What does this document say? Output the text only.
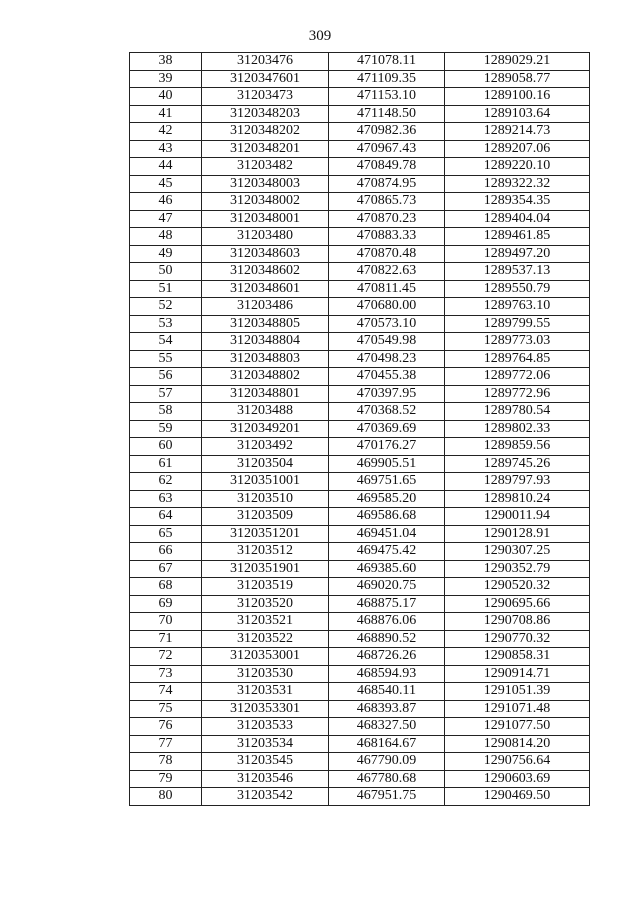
309
38	31203476	471078.11	1289029.21
39	3120347601	471109.35	1289058.77
40	31203473	471153.10	1289100.16
41	3120348203	471148.50	1289103.64
42	3120348202	470982.36	1289214.73
43	3120348201	470967.43	1289207.06
44	31203482	470849.78	1289220.10
45	3120348003	470874.95	1289322.32
46	3120348002	470865.73	1289354.35
47	3120348001	470870.23	1289404.04
48	31203480	470883.33	1289461.85
49	3120348603	470870.48	1289497.20
50	3120348602	470822.63	1289537.13
51	3120348601	470811.45	1289550.79
52	31203486	470680.00	1289763.10
53	3120348805	470573.10	1289799.55
54	3120348804	470549.98	1289773.03
55	3120348803	470498.23	1289764.85
56	3120348802	470455.38	1289772.06
57	3120348801	470397.95	1289772.96
58	31203488	470368.52	1289780.54
59	3120349201	470369.69	1289802.33
60	31203492	470176.27	1289859.56
61	31203504	469905.51	1289745.26
62	3120351001	469751.65	1289797.93
63	31203510	469585.20	1289810.24
64	31203509	469586.68	1290011.94
65	3120351201	469451.04	1290128.91
66	31203512	469475.42	1290307.25
67	3120351901	469385.60	1290352.79
68	31203519	469020.75	1290520.32
69	31203520	468875.17	1290695.66
70	31203521	468876.06	1290708.86
71	31203522	468890.52	1290770.32
72	3120353001	468726.26	1290858.31
73	31203530	468594.93	1290914.71
74	31203531	468540.11	1291051.39
75	3120353301	468393.87	1291071.48
76	31203533	468327.50	1291077.50
77	31203534	468164.67	1290814.20
78	31203545	467790.09	1290756.64
79	31203546	467780.68	1290603.69
80	31203542	467951.75	1290469.50
